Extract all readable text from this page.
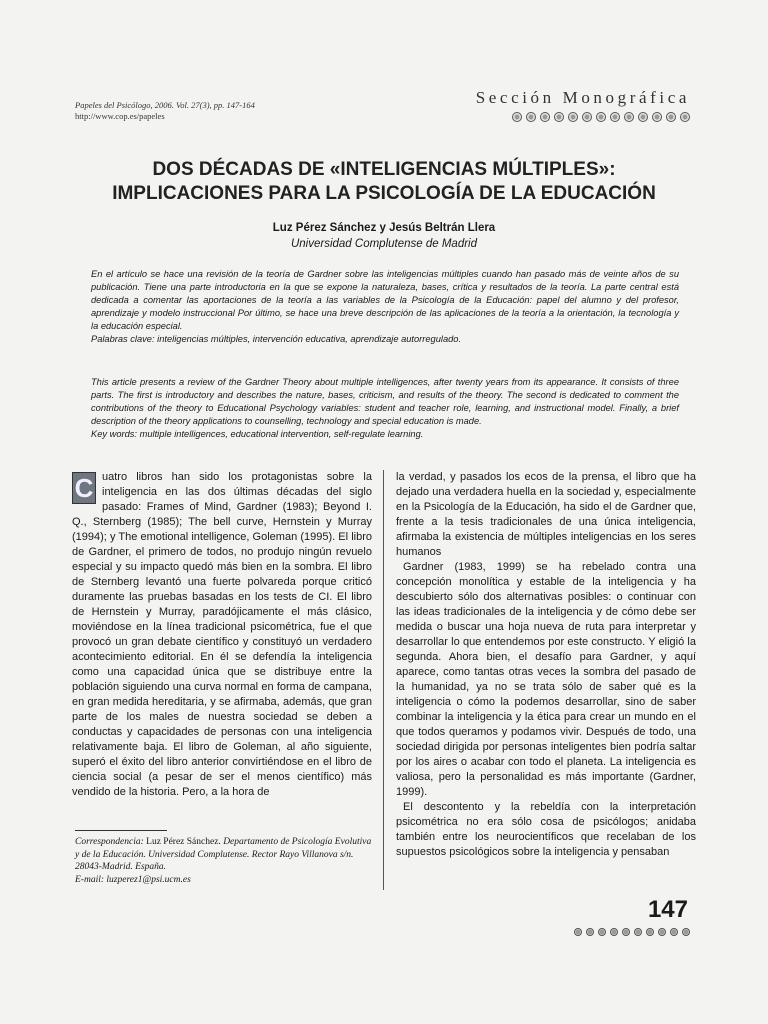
Papeles del Psicólogo, 2006. Vol. 27(3), pp. 147-164
http://www.cop.es/papeles
Sección Monográfica
DOS DÉCADAS DE «INTELIGENCIAS MÚLTIPLES»:
IMPLICACIONES PARA LA PSICOLOGÍA DE LA EDUCACIÓN
Luz Pérez Sánchez y Jesús Beltrán Llera
Universidad Complutense de Madrid

En el artículo se hace una revisión de la teoría de Gardner sobre las inteligencias múltiples cuando han pasado más de veinte años de su publicación. Tiene una parte introductoria en la que se expone la naturaleza, bases, crítica y resultados de la teoría. La parte central está dedicada a comentar las aportaciones de la teoría a las variables de la Psicología de la Educación: papel del alumno y del profesor, aprendizaje y modelo instruccional Por último, se hace una breve descripción de las aplicaciones de la teoría a la orientación, la tecnología y la educación especial.

Palabras clave: inteligencias múltiples, intervención educativa, aprendizaje autorregulado.

This article presents a review of the Gardner Theory about multiple intelligences, after twenty years from its appearance. It consists of three parts. The first is introductory and describes the nature, bases, criticism, and results of the theory. The second is dedicated to comment the contributions of the theory to Educational Psychology variables: student and teacher role, learning, and instructional model. Finally, a brief description of the theory applications to counselling, technology and special education is made.

Key words: multiple intelligences, educational intervention, self-regulate learning.

C uatro libros han sido los protagonistas sobre la inteligencia en las dos últimas décadas del siglo pasado: Frames of Mind, Gardner (1983); Beyond I. Q., Sternberg (1985); The bell curve, Hernstein y Murray (1994); y The emotional intelligence, Goleman (1995). El libro de Gardner, el primero de todos, no produjo ningún revuelo especial y su impacto quedó más bien en la sombra. El libro de Sternberg levantó una fuerte polvareda porque criticó duramente las pruebas basadas en los tests de CI. El libro de Hernstein y Murray, paradójicamente el más clásico, moviéndose en la línea tradicional psicométrica, fue el que provocó un gran debate científico y constituyó un verdadero acontecimiento editorial. En él se defendía la inteligencia como una capacidad única que se distribuye entre la población siguiendo una curva normal en forma de campana, en gran medida hereditaria, y se afirmaba, además, que gran parte de los males de nuestra sociedad se deben a conductas y capacidades de personas con una inteligencia relativamente baja. El libro de Goleman, al año siguiente, superó el éxito del libro anterior convirtiéndose en el libro de ciencia social (a pesar de ser el menos científico) más vendido de la historia. Pero, a la hora de

la verdad, y pasados los ecos de la prensa, el libro que ha dejado una verdadera huella en la sociedad y, especialmente en la Psicología de la Educación, ha sido el de Gardner que, frente a la tesis tradicionales de una única inteligencia, afirmaba la existencia de múltiples inteligencias en los seres humanos

Gardner (1983, 1999) se ha rebelado contra una concepción monolítica y estable de la inteligencia y ha descubierto sólo dos alternativas posibles: o continuar con las ideas tradicionales de la inteligencia y de cómo debe ser medida o buscar una hoja nueva de ruta para interpretar y desarrollar lo que entendemos por este constructo. Y eligió la segunda. Ahora bien, el desafío para Gardner, y aquí aparece, como tantas otras veces la sombra del pasado de la humanidad, ya no se trata sólo de saber qué es la inteligencia o cómo la podemos desarrollar, sino de saber combinar la inteligencia y la ética para crear un mundo en el que todos queramos y podamos vivir. Después de todo, una sociedad dirigida por personas inteligentes bien podría saltar por los aires o acabar con todo el planeta. La inteligencia es valiosa, pero la personalidad es más importante (Gardner, 1999).

El descontento y la rebeldía con la interpretación psicométrica no era sólo cosa de psicólogos; anidaba también entre los neurocientíficos que recelaban de los supuestos psicológicos sobre la inteligencia y pensaban

Correspondencia: Luz Pérez Sánchez. Departamento de Psicología Evolutiva y de la Educación. Universidad Complutense. Rector Rayo Villanova s/n. 28043-Madrid. España.
E-mail: luzperez1@psi.ucm.es
147
